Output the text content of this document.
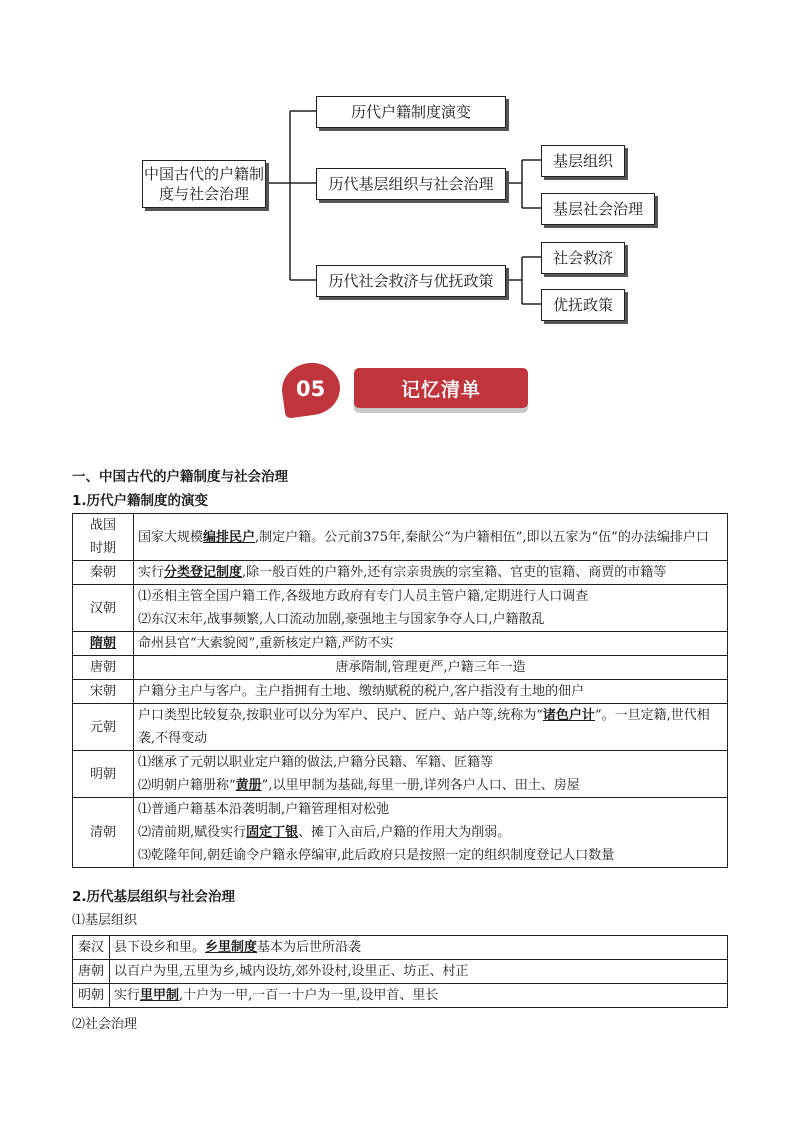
中国古代的户籍制度与社会治理
历代户籍制度演变
历代基层组织与社会治理
历代社会救济与优抚政策
基层组织
基层社会治理
社会救济
优抚政策
05	记忆清单
一、中国古代的户籍制度与社会治理
1.历代户籍制度的演变
战国
时期	国家大规模编排民户,制定户籍。公元前375年,秦献公“为户籍相伍”,即以五家为“伍”的办法编排户口
秦朝	实行分类登记制度,除一般百姓的户籍外,还有宗亲贵族的宗室籍、官吏的宦籍、商贾的市籍等
汉朝	⑴丞相主管全国户籍工作,各级地方政府有专门人员主管户籍,定期进行人口调查
⑵东汉末年,战事频繁,人口流动加剧,豪强地主与国家争夺人口,户籍散乱

隋朝	命州县官“大索貌阅”,重新核定户籍,严防不实
唐朝	唐承隋制,管理更严,户籍三年一造
宋朝	户籍分主户与客户。主户指拥有土地、缴纳赋税的税户,客户指没有土地的佃户
元朝	户口类型比较复杂,按职业可以分为军户、民户、匠户、站户等,统称为“诸色户计”。一旦定籍,世代相袭,不得变动
明朝	⑴继承了元朝以职业定户籍的做法,户籍分民籍、军籍、匠籍等
⑵明朝户籍册称“黄册”,以里甲制为基础,每里一册,详列各户人口、田土、房屋

清朝	⑴普通户籍基本沿袭明制,户籍管理相对松弛
⑵清前期,赋役实行固定丁银、摊丁入亩后,户籍的作用大为削弱。
⑶乾隆年间,朝廷谕令户籍永停编审,此后政府只是按照一定的组织制度登记人口数量
2.历代基层组织与社会治理
⑴基层组织
秦汉	县下设乡和里。乡里制度基本为后世所沿袭
唐朝	以百户为里,五里为乡,城内设坊,郊外设村,设里正、坊正、村正
明朝	实行里甲制,十户为一甲,一百一十户为一里,设甲首、里长
⑵社会治理
